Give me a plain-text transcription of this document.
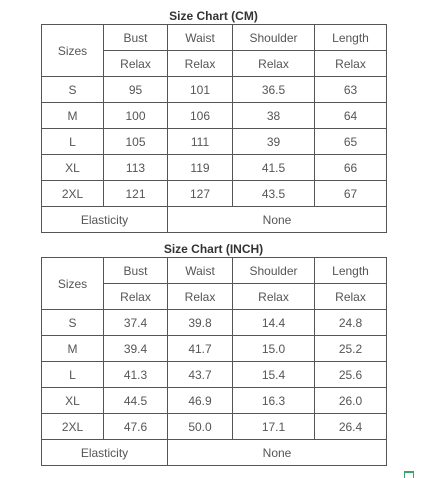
Size Chart (CM)
Sizes	Bust	Waist	Shoulder	Length
	Relax	Relax	Relax	Relax
S	95	101	36.5	63
M	100	106	38	64
L	105	111	39	65
XL	113	119	41.5	66
2XL	121	127	43.5	67
Elasticity		None		
Size Chart (INCH)
Sizes	Bust	Waist	Shoulder	Length
	Relax	Relax	Relax	Relax
S	37.4	39.8	14.4	24.8
M	39.4	41.7	15.0	25.2
L	41.3	43.7	15.4	25.6
XL	44.5	46.9	16.3	26.0
2XL	47.6	50.0	17.1	26.4
Elasticity		None		
